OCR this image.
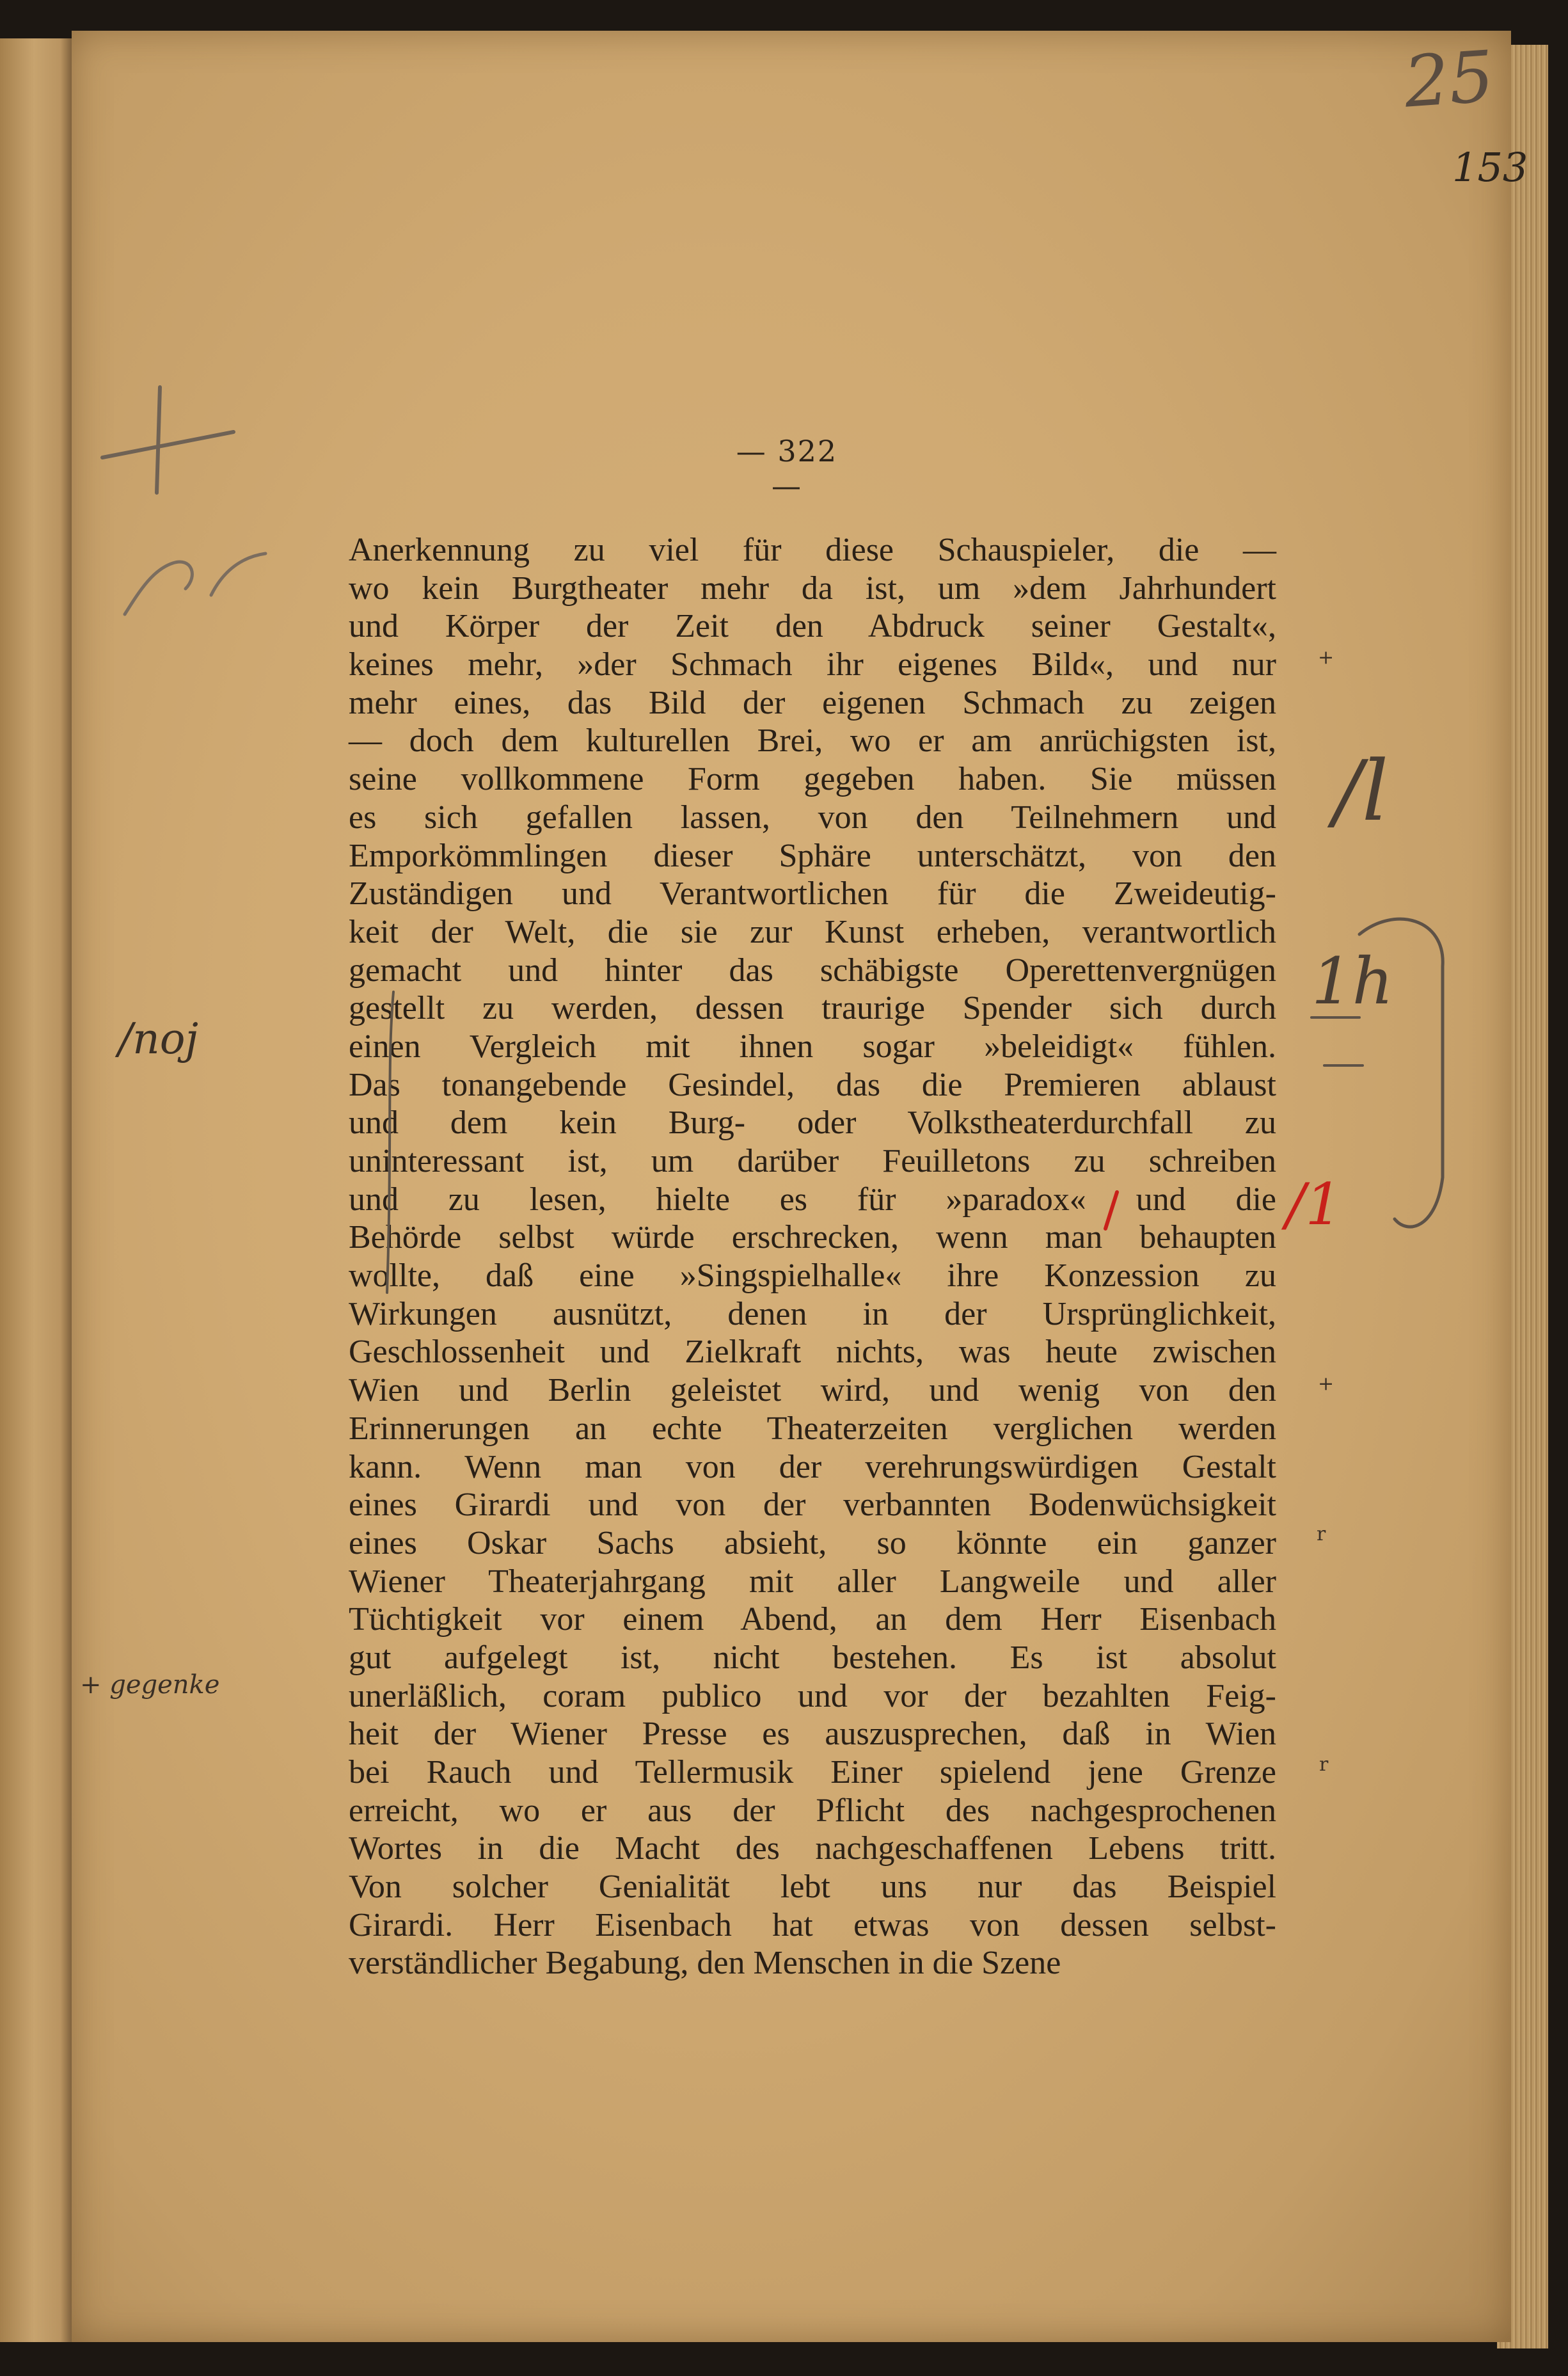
25
153
/noj
+ gegenke
/l
1h
/1
+
+
r
r
— 322 —
Anerkennung zu viel für diese Schauspieler, die —
wo kein Burgtheater mehr da ist, um »dem Jahrhundert
und Körper der Zeit den Abdruck seiner Gestalt«,
keines mehr, »der Schmach ihr eigenes Bild«, und nur
mehr eines, das Bild der eigenen Schmach zu zeigen
— doch dem kulturellen Brei, wo er am anrüchigsten ist,
seine vollkommene Form gegeben haben. Sie müssen
es sich gefallen lassen, von den Teilnehmern und
Emporkömmlingen dieser Sphäre unterschätzt, von den
Zuständigen und Verantwortlichen für die Zweideutig-
keit der Welt, die sie zur Kunst erheben, verantwortlich
gemacht und hinter das schäbigste Operettenvergnügen
gestellt zu werden, dessen traurige Spender sich durch
einen Vergleich mit ihnen sogar »beleidigt« fühlen.
Das tonangebende Gesindel, das die Premieren ablaust
und dem kein Burg- oder Volkstheaterdurchfall zu
uninteressant ist, um darüber Feuilletons zu schreiben
und zu lesen, hielte es für »paradox« und die
Behörde selbst würde erschrecken, wenn man behaupten
wollte, daß eine »Singspielhalle« ihre Konzession zu
Wirkungen ausnützt, denen in der Ursprünglichkeit,
Geschlossenheit und Zielkraft nichts, was heute zwischen
Wien und Berlin geleistet wird, und wenig von den
Erinnerungen an echte Theaterzeiten verglichen werden
kann. Wenn man von der verehrungswürdigen Gestalt
eines Girardi und von der verbannten Bodenwüchsigkeit
eines Oskar Sachs absieht, so könnte ein ganzer
Wiener Theaterjahrgang mit aller Langweile und aller
Tüchtigkeit vor einem Abend, an dem Herr Eisenbach
gut aufgelegt ist, nicht bestehen. Es ist absolut
unerläßlich, coram publico und vor der bezahlten Feig-
heit der Wiener Presse es auszusprechen, daß in Wien
bei Rauch und Tellermusik Einer spielend jene Grenze
erreicht, wo er aus der Pflicht des nachgesprochenen
Wortes in die Macht des nachgeschaffenen Lebens tritt.
Von solcher Genialität lebt uns nur das Beispiel
Girardi. Herr Eisenbach hat etwas von dessen selbst-
verständlicher Begabung, den Menschen in die Szene
